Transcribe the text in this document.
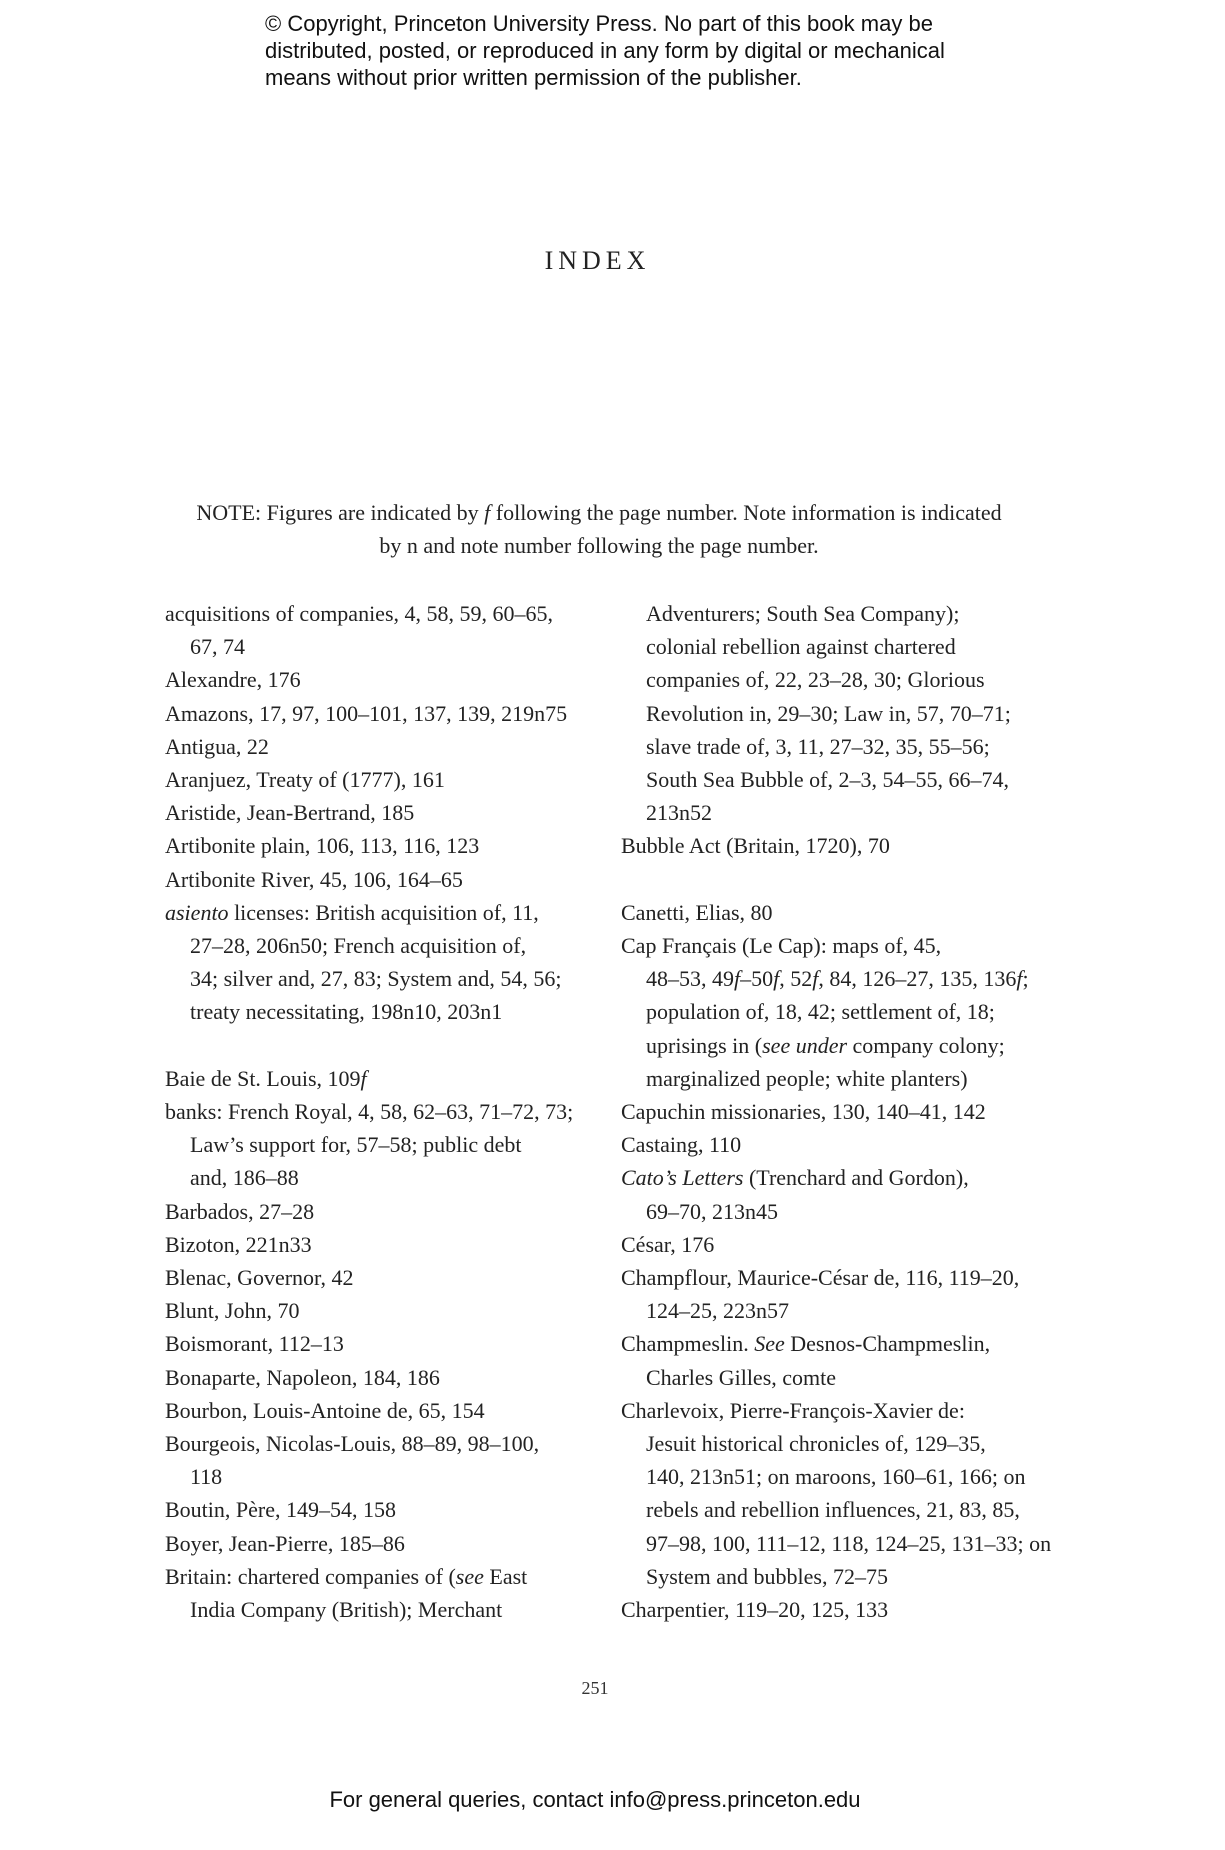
© Copyright, Princeton University Press. No part of this book may be
distributed, posted, or reproduced in any form by digital or mechanical
means without prior written permission of the publisher.
INDEX
NOTE: Figures are indicated by f following the page number. Note information is indicated
by n and note number following the page number.
acquisitions of companies, 4, 58, 59, 60–65,
67, 74
Alexandre, 176
Amazons, 17, 97, 100–101, 137, 139, 219n75
Antigua, 22
Aranjuez, Treaty of (1777), 161
Aristide, Jean-Bertrand, 185
Artibonite plain, 106, 113, 116, 123
Artibonite River, 45, 106, 164–65
asiento licenses: British acquisition of, 11,
27–28, 206n50; French acquisition of,
34; silver and, 27, 83; System and, 54, 56;
treaty necessitating, 198n10, 203n1
Baie de St. Louis, 109f
banks: French Royal, 4, 58, 62–63, 71–72, 73;
Law’s support for, 57–58; public debt
and, 186–88
Barbados, 27–28
Bizoton, 221n33
Blenac, Governor, 42
Blunt, John, 70
Boismorant, 112–13
Bonaparte, Napoleon, 184, 186
Bourbon, Louis-Antoine de, 65, 154
Bourgeois, Nicolas-Louis, 88–89, 98–100,
118
Boutin, Père, 149–54, 158
Boyer, Jean-Pierre, 185–86
Britain: chartered companies of (see East
India Company (British); Merchant
Adventurers; South Sea Company);
colonial rebellion against chartered
companies of, 22, 23–28, 30; Glorious
Revolution in, 29–30; Law in, 57, 70–71;
slave trade of, 3, 11, 27–32, 35, 55–56;
South Sea Bubble of, 2–3, 54–55, 66–74,
213n52
Bubble Act (Britain, 1720), 70
Canetti, Elias, 80
Cap Français (Le Cap): maps of, 45,
48–53, 49f–50f, 52f, 84, 126–27, 135, 136f;
population of, 18, 42; settlement of, 18;
uprisings in (see under company colony;
marginalized people; white planters)
Capuchin missionaries, 130, 140–41, 142
Castaing, 110
Cato’s Letters (Trenchard and Gordon),
69–70, 213n45
César, 176
Champflour, Maurice-César de, 116, 119–20,
124–25, 223n57
Champmeslin. See Desnos-Champmeslin,
Charles Gilles, comte
Charlevoix, Pierre-François-Xavier de:
Jesuit historical chronicles of, 129–35,
140, 213n51; on maroons, 160–61, 166; on
rebels and rebellion influences, 21, 83, 85,
97–98, 100, 111–12, 118, 124–25, 131–33; on
System and bubbles, 72–75
Charpentier, 119–20, 125, 133
251
For general queries, contact info@press.princeton.edu
